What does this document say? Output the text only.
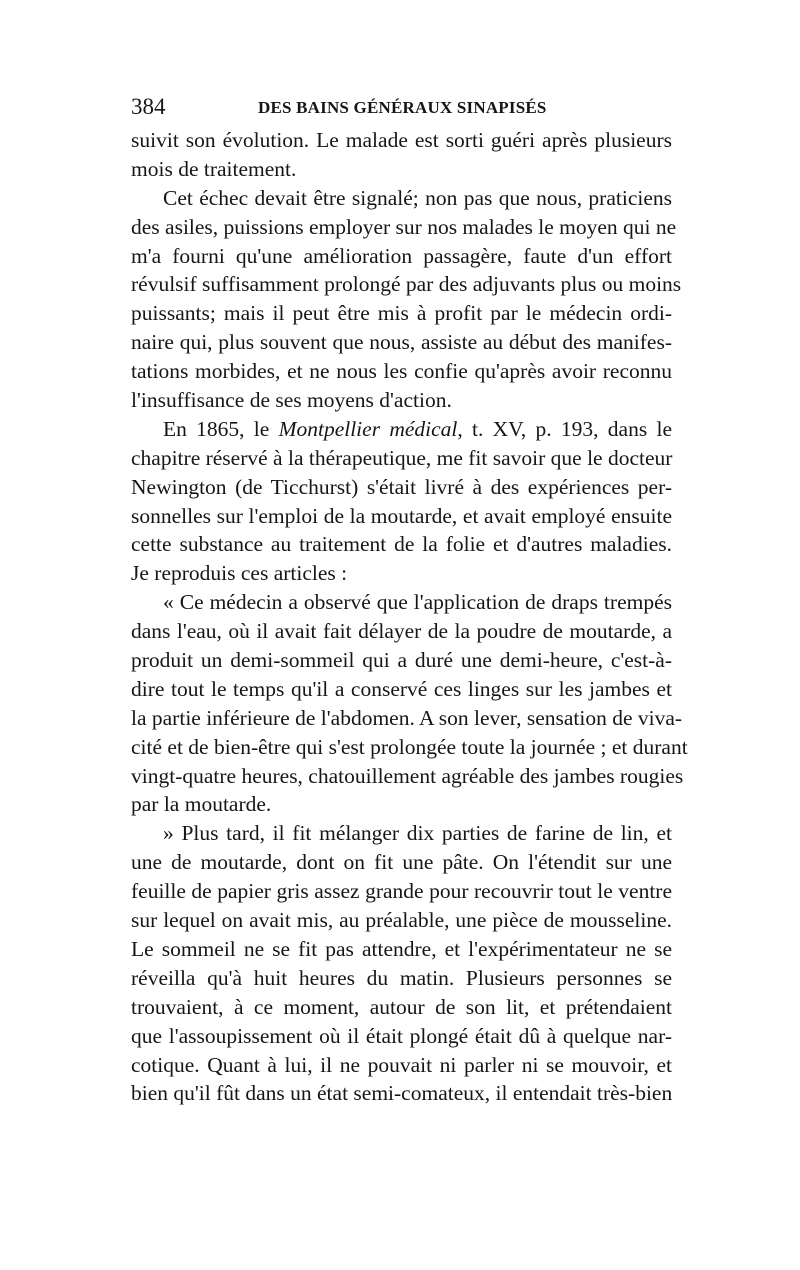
384	DES BAINS GÉNÉRAUX SINAPISÉS
suivit son évolution. Le malade est sorti guéri après plusieurs
mois de traitement.
Cet échec devait être signalé; non pas que nous, praticiens
des asiles, puissions employer sur nos malades le moyen qui ne
m'a fourni qu'une amélioration passagère, faute d'un effort
révulsif suffisamment prolongé par des adjuvants plus ou moins
puissants; mais il peut être mis à profit par le médecin ordi-
naire qui, plus souvent que nous, assiste au début des manifes-
tations morbides, et ne nous les confie qu'après avoir reconnu
l'insuffisance de ses moyens d'action.
En 1865, le Montpellier médical, t. XV, p. 193, dans le
chapitre réservé à la thérapeutique, me fit savoir que le docteur
Newington (de Ticchurst) s'était livré à des expériences per-
sonnelles sur l'emploi de la moutarde, et avait employé ensuite
cette substance au traitement de la folie et d'autres maladies.
Je reproduis ces articles :
« Ce médecin a observé que l'application de draps trempés
dans l'eau, où il avait fait délayer de la poudre de moutarde, a
produit un demi-sommeil qui a duré une demi-heure, c'est-à-
dire tout le temps qu'il a conservé ces linges sur les jambes et
la partie inférieure de l'abdomen. A son lever, sensation de viva-
cité et de bien-être qui s'est prolongée toute la journée ; et durant
vingt-quatre heures, chatouillement agréable des jambes rougies
par la moutarde.
» Plus tard, il fit mélanger dix parties de farine de lin, et
une de moutarde, dont on fit une pâte. On l'étendit sur une
feuille de papier gris assez grande pour recouvrir tout le ventre
sur lequel on avait mis, au préalable, une pièce de mousseline.
Le sommeil ne se fit pas attendre, et l'expérimentateur ne se
réveilla qu'à huit heures du matin. Plusieurs personnes se
trouvaient, à ce moment, autour de son lit, et prétendaient
que l'assoupissement où il était plongé était dû à quelque nar-
cotique. Quant à lui, il ne pouvait ni parler ni se mouvoir, et
bien qu'il fût dans un état semi-comateux, il entendait très-bien
